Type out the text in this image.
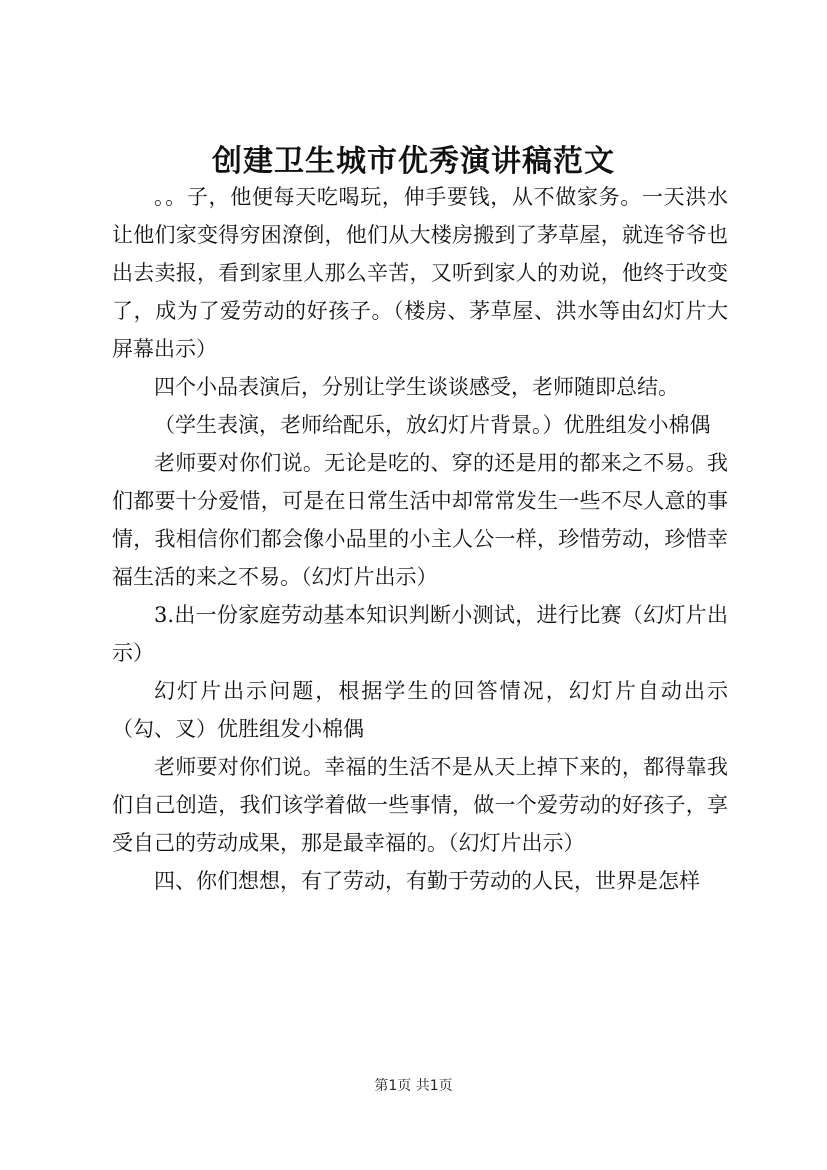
创建卫生城市优秀演讲稿范文

。。子，他便每天吃喝玩，伸手要钱，从不做家务。一天洪水让他们家变得穷困潦倒，他们从大楼房搬到了茅草屋，就连爷爷也出去卖报，看到家里人那么辛苦，又听到家人的劝说，他终于改变了，成为了爱劳动的好孩子。（楼房、茅草屋、洪水等由幻灯片大屏幕出示）

四个小品表演后，分别让学生谈谈感受，老师随即总结。

（学生表演，老师给配乐，放幻灯片背景。）优胜组发小棉偶

老师要对你们说。无论是吃的、穿的还是用的都来之不易。我们都要十分爱惜，可是在日常生活中却常常发生一些不尽人意的事情，我相信你们都会像小品里的小主人公一样，珍惜劳动，珍惜幸福生活的来之不易。（幻灯片出示）

3.出一份家庭劳动基本知识判断小测试，进行比赛（幻灯片出示）

幻灯片出示问题，根据学生的回答情况，幻灯片自动出示（勾、叉）优胜组发小棉偶

老师要对你们说。幸福的生活不是从天上掉下来的，都得靠我们自己创造，我们该学着做一些事情，做一个爱劳动的好孩子，享受自己的劳动成果，那是最幸福的。（幻灯片出示）

四、你们想想，有了劳动，有勤于劳动的人民，世界是怎样

第1页 共1页
